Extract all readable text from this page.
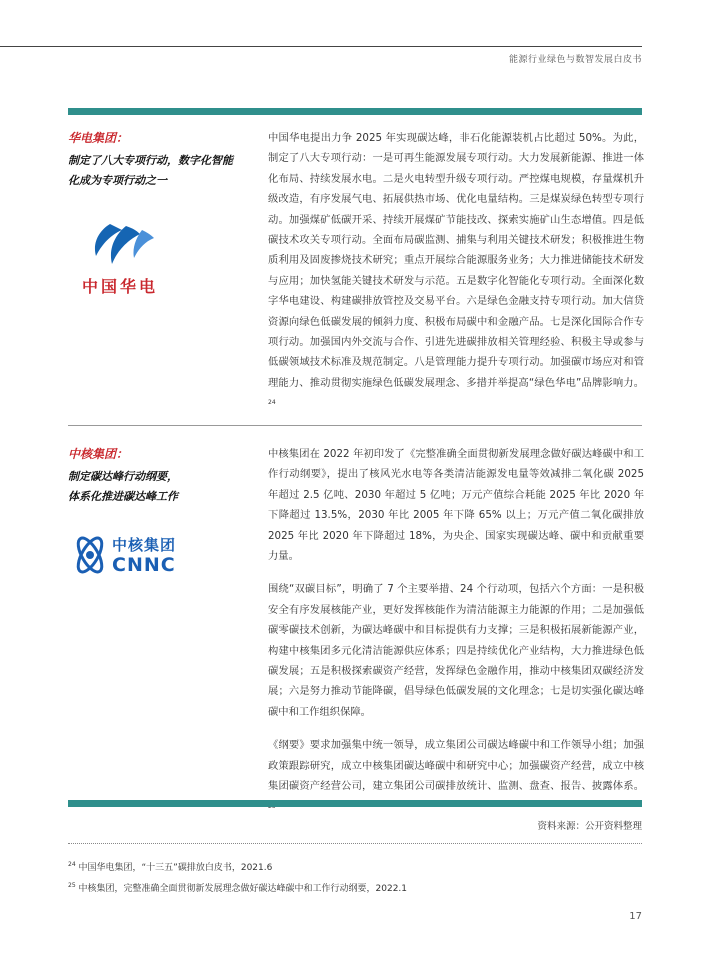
能源行业绿色与数智发展白皮书
华电集团：
制定了八大专项行动，数字化智能
化成为专项行动之一
中国华电

中国华电提出力争 2025 年实现碳达峰，非石化能源装机占比超过 50%。为此，制定了八大专项行动：一是可再生能源发展专项行动。大力发展新能源、推进一体化布局、持续发展水电。二是火电转型升级专项行动。严控煤电规模，存量煤机升级改造，有序发展气电、拓展供热市场、优化电量结构。三是煤炭绿色转型专项行动。加强煤矿低碳开采、持续开展煤矿节能技改、探索实施矿山生态增值。四是低碳技术攻关专项行动。全面布局碳监测、捕集与利用关键技术研发；积极推进生物质利用及固废掺烧技术研究；重点开展综合能源服务业务；大力推进储能技术研发与应用；加快氢能关键技术研发与示范。五是数字化智能化专项行动。全面深化数字华电建设、构建碳排放管控及交易平台。六是绿色金融支持专项行动。加大信贷资源向绿色低碳发展的倾斜力度、积极布局碳中和金融产品。七是深化国际合作专项行动。加强国内外交流与合作、引进先进碳排放相关管理经验、积极主导或参与低碳领域技术标准及规范制定。八是管理能力提升专项行动。加强碳市场应对和管理能力、推动贯彻实施绿色低碳发展理念、多措并举提高“绿色华电”品牌影响力。 $^{24}$

中核集团：
制定碳达峰行动纲要，
体系化推进碳达峰工作
中核集团
CNNC

中核集团在 2022 年初印发了《完整准确全面贯彻新发展理念做好碳达峰碳中和工作行动纲要》，提出了核风光水电等各类清洁能源发电量等效减排二氧化碳 2025 年超过 2.5 亿吨、2030 年超过 5 亿吨；万元产值综合耗能 2025 年比 2020 年下降超过 13.5%，2030 年比 2005 年下降 65% 以上；万元产值二氧化碳排放 2025 年比 2020 年下降超过 18%，为央企、国家实现碳达峰、碳中和贡献重要力量。

围绕“双碳目标”，明确了 7 个主要举措、24 个行动项，包括六个方面：一是积极安全有序发展核能产业，更好发挥核能作为清洁能源主力能源的作用；二是加强低碳零碳技术创新，为碳达峰碳中和目标提供有力支撑；三是积极拓展新能源产业，构建中核集团多元化清洁能源供应体系；四是持续优化产业结构，大力推进绿色低碳发展；五是积极探索碳资产经营，发挥绿色金融作用，推动中核集团双碳经济发展；六是努力推动节能降碳，倡导绿色低碳发展的文化理念；七是切实强化碳达峰碳中和工作组织保障。

《纲要》要求加强集中统一领导，成立集团公司碳达峰碳中和工作领导小组；加强政策跟踪研究，成立中核集团碳达峰碳中和研究中心；加强碳资产经营，成立中核集团碳资产经营公司，建立集团公司碳排放统计、监测、盘查、报告、披露体系。

资料来源：公开资料整理
$^{24}$ 中国华电集团，“十三五”碳排放白皮书，2021.6
$^{25}$ 中核集团，完整准确全面贯彻新发展理念做好碳达峰碳中和工作行动纲要，2022.1
17
